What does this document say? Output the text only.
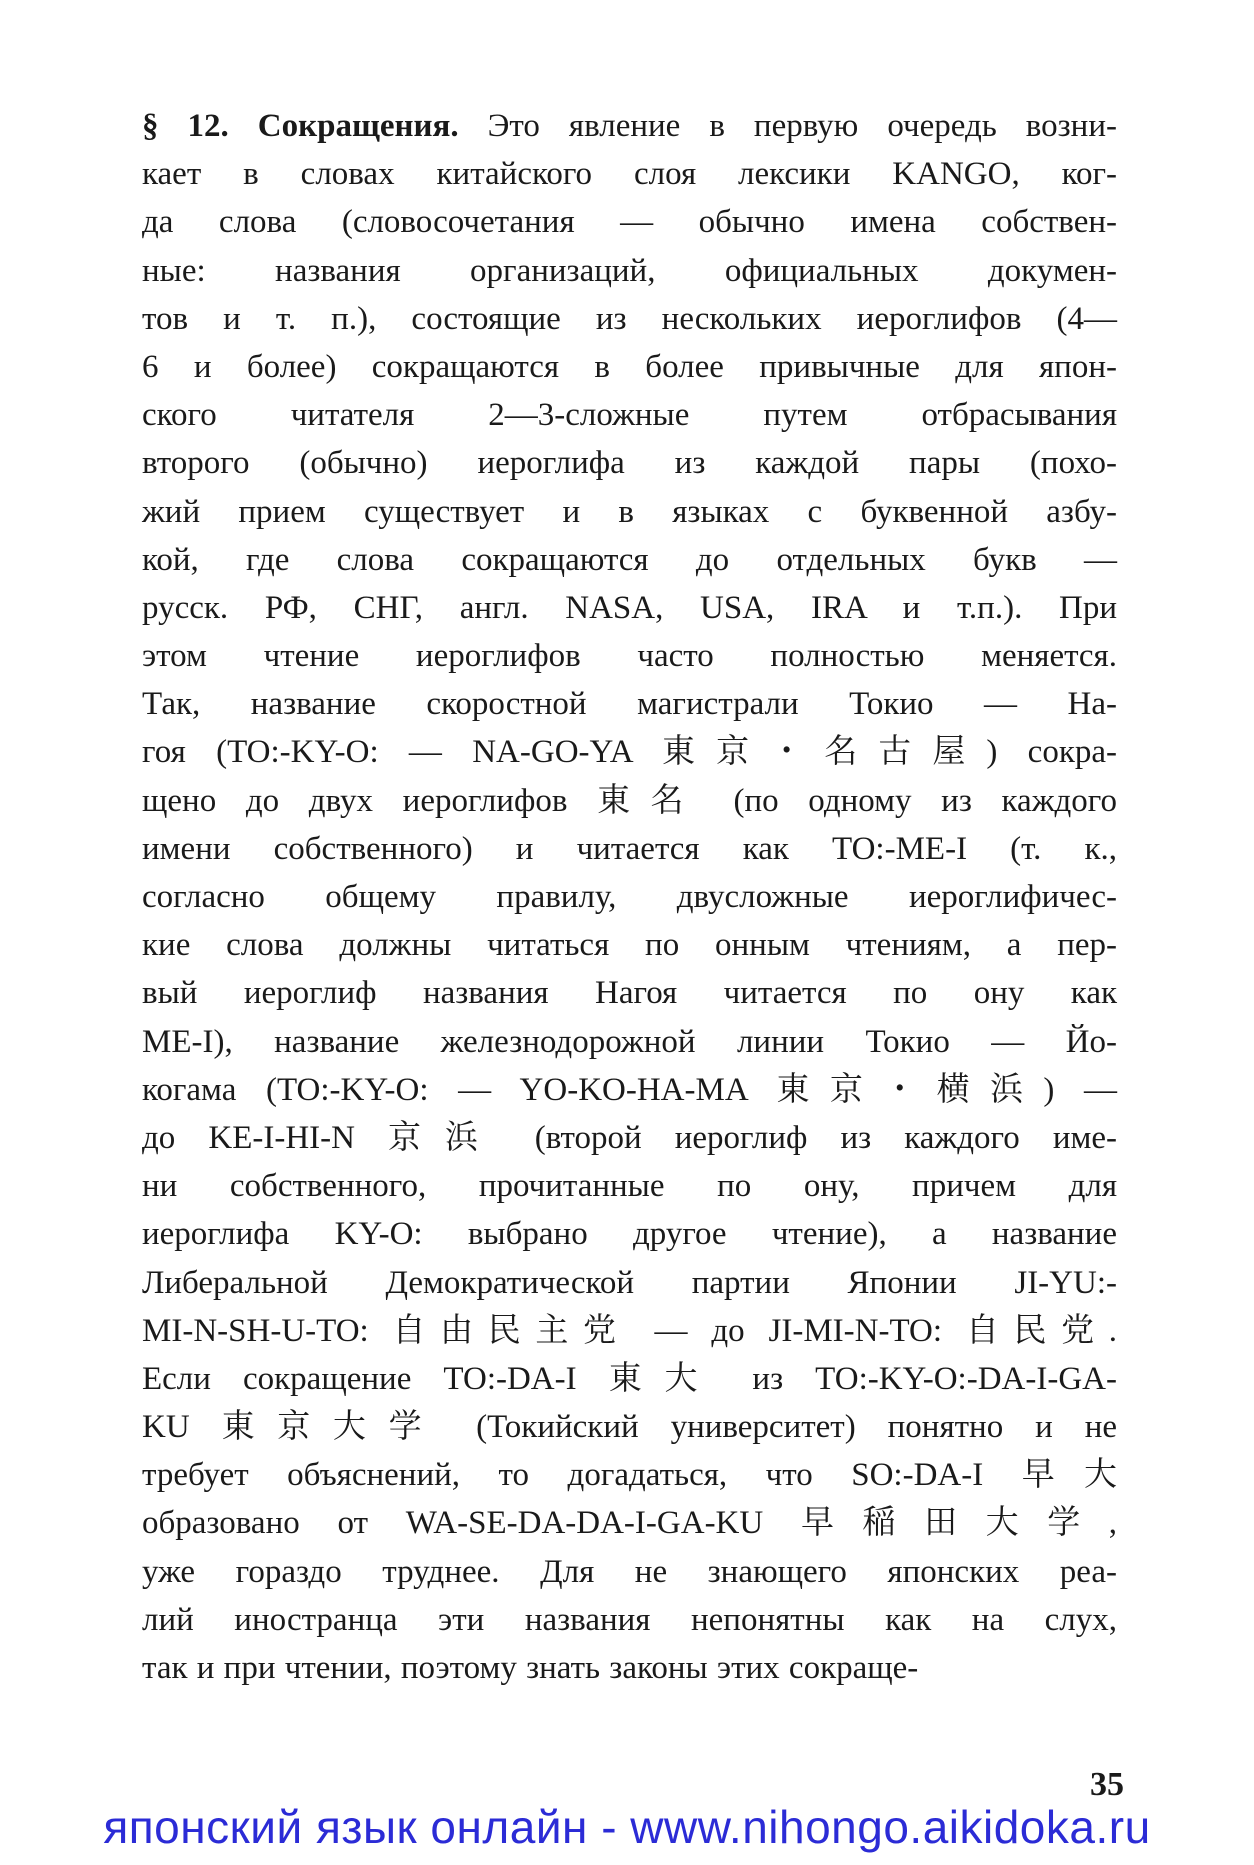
§ 12. Сокращения. Это явление в первую очередь возни-
кает в словах китайского слоя лексики KANGO, ког-
да слова (словосочетания — обычно имена собствен-
ные: названия организаций, официальных докумен-
тов и т. п.), состоящие из нескольких иероглифов (4—
6 и более) сокращаются в более привычные для япон-
ского читателя 2—3-сложные путем отбрасывания
второго (обычно) иероглифа из каждой пары (похо-
жий прием существует и в языках с буквенной азбу-
кой, где слова сокращаются до отдельных букв —
русск. РФ, СНГ, англ. NASA, USA, IRA и т.п.). При
этом чтение иероглифов часто полностью меняется.
Так, название скоростной магистрали Токио — На-
гоя (TO:-KY-O: — NA-GO-YA 東京・名古屋) сокра-
щено до двух иероглифов 東名 (по одному из каждого
имени собственного) и читается как TO:-ME-I (т. к.,
согласно общему правилу, двусложные иероглифичес-
кие слова должны читаться по онным чтениям, а пер-
вый иероглиф названия Нагоя читается по ону как
ME-I), название железнодорожной линии Токио — Йо-
когама (TO:-KY-O: — YO-KO-HA-MA 東京・横浜) —
до KE-I-HI-N 京浜 (второй иероглиф из каждого име-
ни собственного, прочитанные по ону, причем для
иероглифа KY-O: выбрано другое чтение), а название
Либеральной Демократической партии Японии JI-YU:-
MI-N-SH-U-TO: 自由民主党 — до JI-MI-N-TO: 自民党.
Если сокращение TO:-DA-I 東大 из TO:-KY-O:-DA-I-GA-
KU 東京大学 (Токийский университет) понятно и не
требует объяснений, то догадаться, что SO:-DA-I 早大
образовано от WA-SE-DA-DA-I-GA-KU 早稲田大学,
уже гораздо труднее. Для не знающего японских реа-
лий иностранца эти названия непонятны как на слух,
так и при чтении, поэтому знать законы этих сокраще-
35
японский язык онлайн - www.nihongo.aikidoka.ru
